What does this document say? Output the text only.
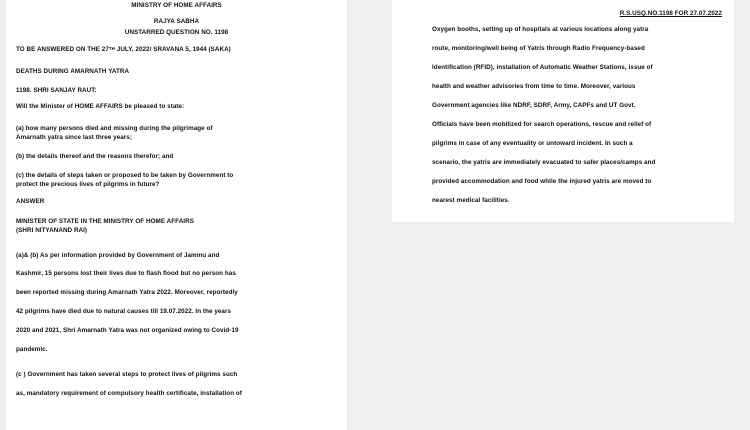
MINISTRY OF HOME AFFAIRS
RAJYA SABHA
UNSTARRED QUESTION NO. 1198
TO BE ANSWERED ON THE 27TH JULY, 2022/ SRAVANA 5, 1944 (SAKA)
DEATHS DURING AMARNATH YATRA
1198. SHRI SANJAY RAUT:
Will the Minister of HOME AFFAIRS be pleased to state:
(a) how many persons died and missing during the pilgrimage of
Amarnath yatra since last three years;
(b) the details thereof and the reasons therefor; and
(c) the details of steps taken or proposed to be taken by Government to
protect the precious lives of pilgrims in future?
ANSWER
MINISTER OF STATE IN THE MINISTRY OF HOME AFFAIRS
(SHRI NITYANAND RAI)
(a)& (b) As per information provided by Government of Jammu and
Kashmir, 15 persons lost their lives due to flash flood but no person has
been reported missing during Amarnath Yatra 2022. Moreover, reportedly
42 pilgrims have died due to natural causes till 19.07.2022. In the years
2020 and 2021, Shri Amarnath Yatra was not organized owing to Covid-19
pandemic.
(c ) Government has taken several steps to protect lives of pilgrims such
as, mandatory requirement of compulsory health certificate, installation of
R.S.USQ.NO.1198 FOR 27.07.2022
Oxygen booths, setting up of hospitals at various locations along yatra
route, monitoring/well being of Yatris through Radio Frequency-based
Identification (RFID), installation of Automatic Weather Stations, issue of
health and weather advisories from time to time. Moreover, various
Government agencies like NDRF, SDRF, Army, CAPFs and UT Govt.
Officials have been mobilized for search operations, rescue and relief of
pilgrims in case of any eventuality or untoward incident. In such a
scenario, the yatris are immediately evacuated to safer places/camps and
provided accommodation and food while the injured yatris are moved to
nearest medical facilities.
